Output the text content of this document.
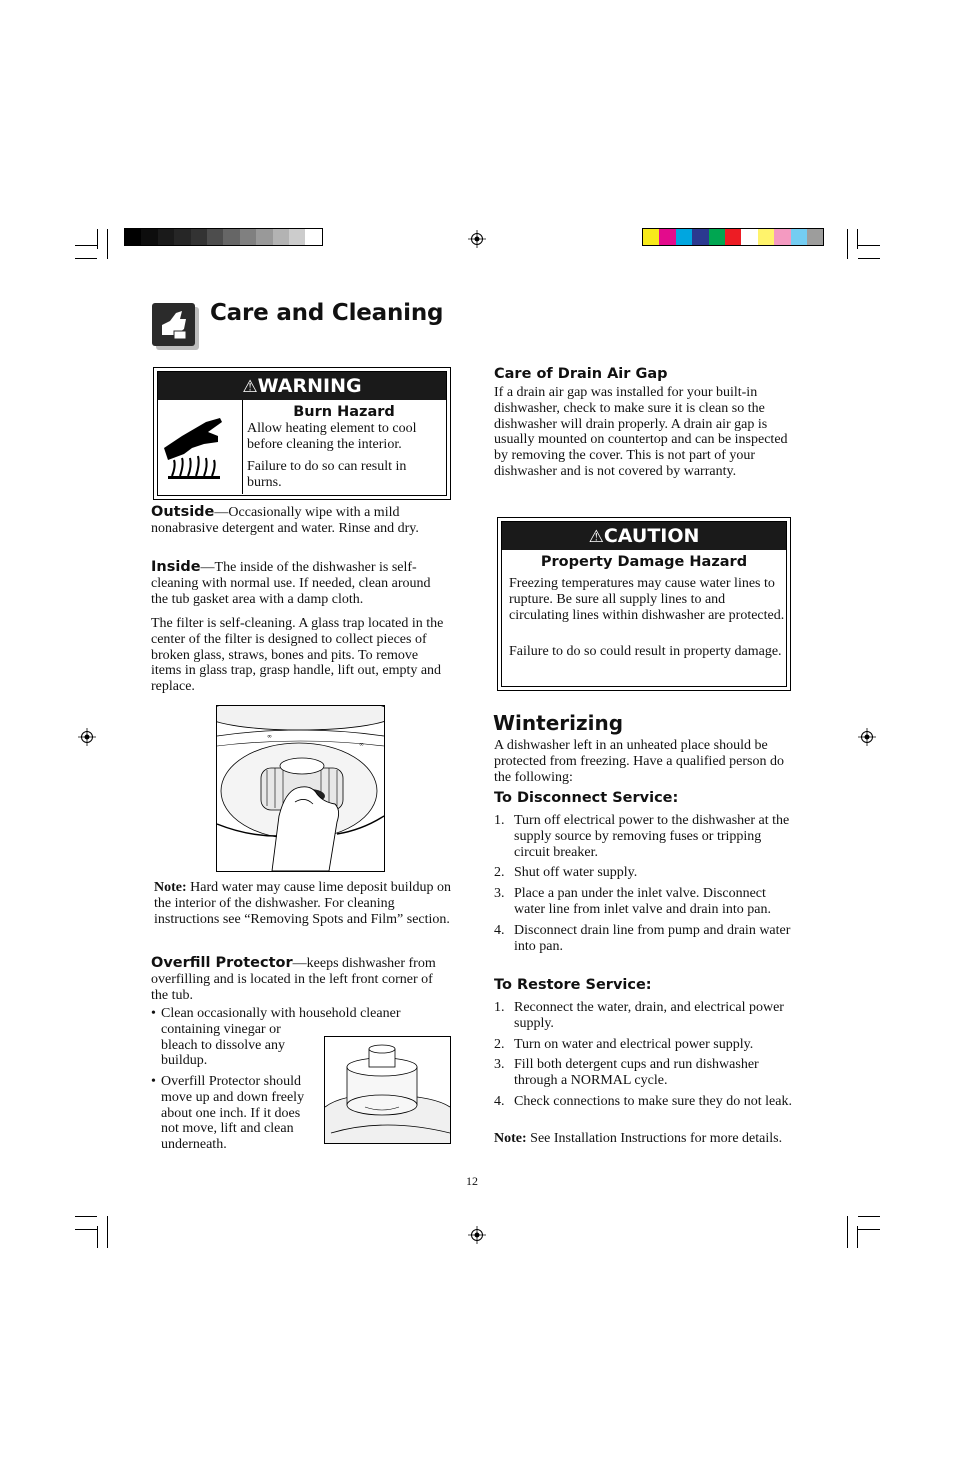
Care and Cleaning
⚠WARNING
Burn Hazard

Allow heating element to cool before cleaning the interior.

Failure to do so can result in burns.

Outside—Occasionally wipe with a mild nonabrasive detergent and water. Rinse and dry.

Inside—The inside of the dishwasher is self-cleaning with normal use. If needed, clean around the tub gasket area with a damp cloth.

The filter is self-cleaning. A glass trap located in the center of the filter is designed to collect pieces of broken glass, straws, bones and pits. To remove items in glass trap, grasp handle, lift out, empty and replace.

∞
∞

Note: Hard water may cause lime deposit buildup on the interior of the dishwasher. For cleaning instructions see “Removing Spots and Film” section.

Overfill Protector—keeps dishwasher from overfilling and is located in the left front corner of the tub.

• Clean occasionally with household cleaner
containing vinegar or bleach to dissolve any buildup.
• Overfill Protector should move up and down freely about one inch. If it does not move, lift and clean underneath.
Care of Drain Air Gap

If a drain air gap was installed for your built-in dishwasher, check to make sure it is clean so the dishwasher will drain properly. A drain air gap is usually mounted on countertop and can be inspected by removing the cover. This is not part of your dishwasher and is not covered by warranty.

⚠CAUTION
Property Damage Hazard

Freezing temperatures may cause water lines to rupture. Be sure all supply lines to and circulating lines within dishwasher are protected.

Failure to do so could result in property damage.

Winterizing

A dishwasher left in an unheated place should be protected from freezing. Have a qualified person do the following:

To Disconnect Service:
1. Turn off electrical power to the dishwasher at the supply source by removing fuses or tripping circuit breaker.
2. Shut off water supply.
3. Place a pan under the inlet valve. Disconnect water line from inlet valve and drain into pan.
4. Disconnect drain line from pump and drain water into pan.
To Restore Service:
1. Reconnect the water, drain, and electrical power supply.
2. Turn on water and electrical power supply.
3. Fill both detergent cups and run dishwasher through a NORMAL cycle.
4. Check connections to make sure they do not leak.

Note: See Installation Instructions for more details.

12
